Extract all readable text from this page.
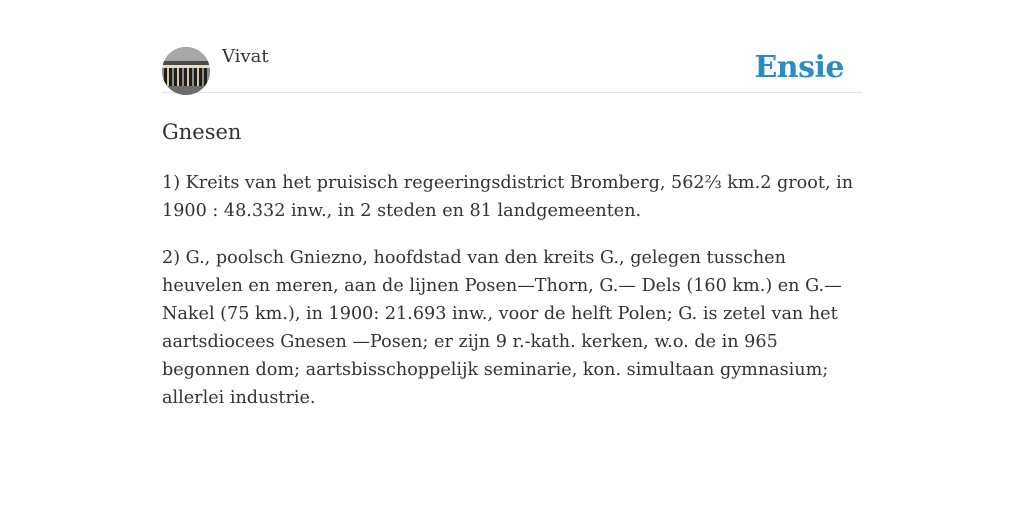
Vivat	Ensie
Gnesen

1) Kreits van het pruisisch regeeringsdistrict Bromberg, 562⅔ km.2 groot, in 1900 : 48.332 inw., in 2 steden en 81 landgemeenten.

2) G., poolsch Gniezno, hoofdstad van den kreits G., gelegen tusschen heuvelen en meren, aan de lijnen Posen—Thorn, G.— Dels (160 km.) en G.—Nakel (75 km.), in 1900: 21.693 inw., voor de helft Polen; G. is zetel van het aartsdiocees Gnesen —Posen; er zijn 9 r.-kath. kerken, w.o. de in 965 begonnen dom; aartsbisschoppelijk seminarie, kon. simultaan gymnasium; allerlei industrie.
